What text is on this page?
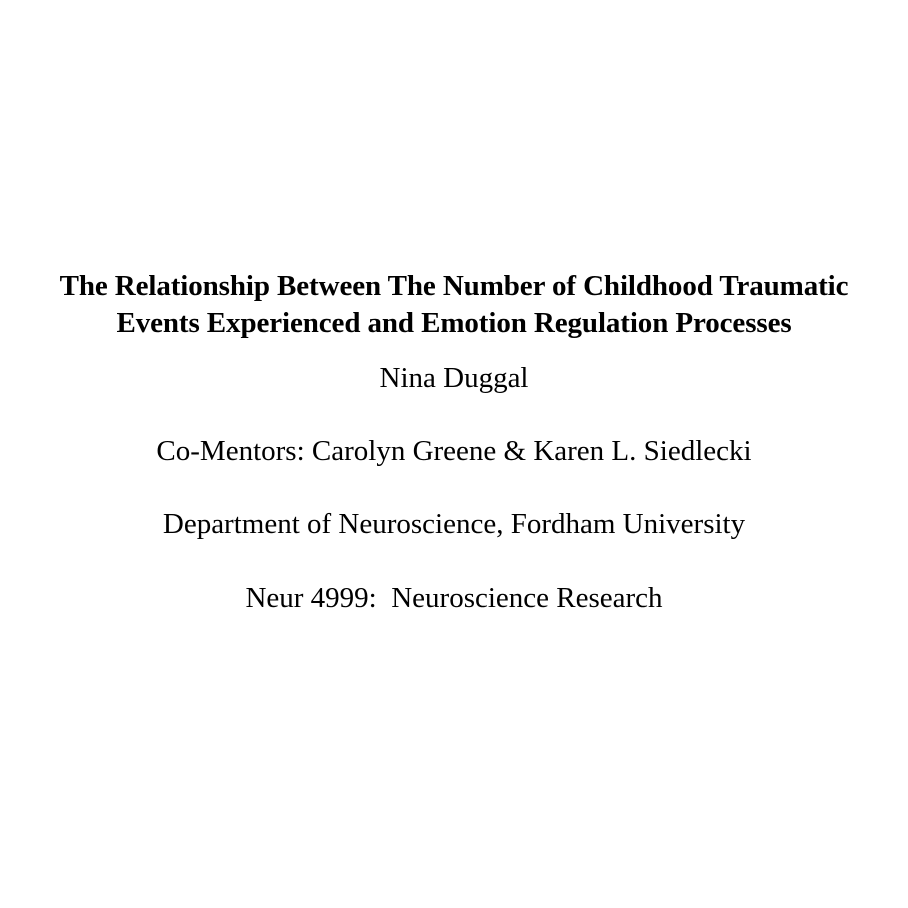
The Relationship Between The Number of Childhood Traumatic
Events Experienced and Emotion Regulation Processes
Nina Duggal
Co-Mentors: Carolyn Greene & Karen L. Siedlecki
Department of Neuroscience, Fordham University
Neur 4999:  Neuroscience Research
